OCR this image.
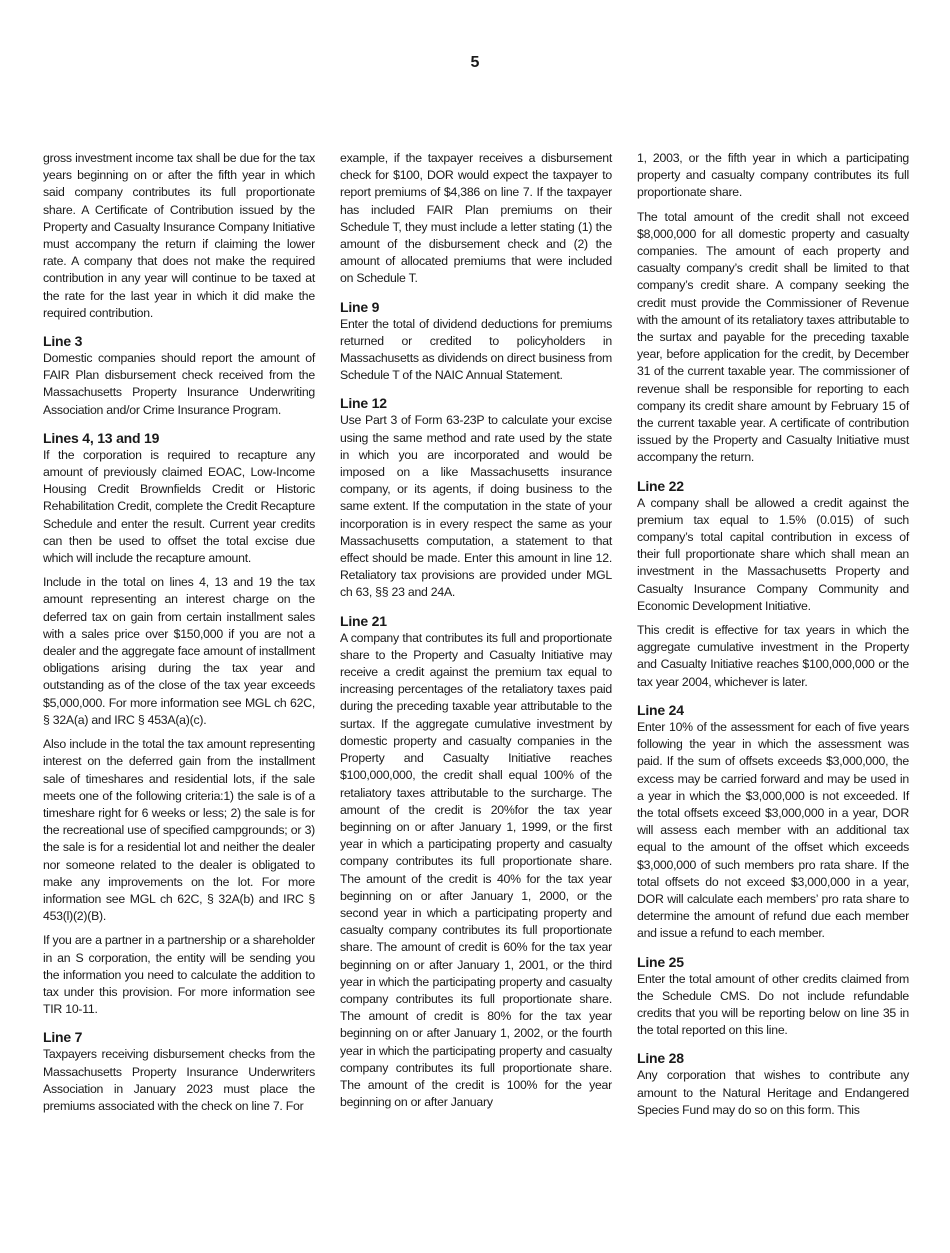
5

gross investment income tax shall be due for the tax years beginning on or after the fifth year in which said company contributes its full proportionate share. A Certificate of Contribution issued by the Property and Casualty Insurance Company Initiative must accompany the return if claiming the lower rate. A company that does not make the required contribution in any year will continue to be taxed at the rate for the last year in which it did make the required contribution.

Line 3

Domestic companies should report the amount of FAIR Plan disbursement check received from the Massachusetts Property Insurance Underwriting Association and/or Crime Insurance Program.

Lines 4, 13 and 19

If the corporation is required to recapture any amount of previously claimed EOAC, Low-Income Housing Credit Brownfields Credit or Historic Rehabilitation Credit, complete the Credit Recapture Schedule and enter the result. Current year credits can then be used to offset the total excise due which will include the recapture amount.

Include in the total on lines 4, 13 and 19 the tax amount representing an interest charge on the deferred tax on gain from certain installment sales with a sales price over $150,000 if you are not a dealer and the aggregate face amount of installment obligations arising during the tax year and outstanding as of the close of the tax year exceeds $5,000,000. For more information see MGL ch 62C, § 32A(a) and IRC § 453A(a)(c).

Also include in the total the tax amount representing interest on the deferred gain from the installment sale of timeshares and residential lots, if the sale meets one of the following criteria:1) the sale is of a timeshare right for 6 weeks or less; 2) the sale is for the recreational use of specified campgrounds; or 3) the sale is for a residential lot and neither the dealer nor someone related to the dealer is obligated to make any improvements on the lot. For more information see MGL ch 62C, § 32A(b) and IRC § 453(l)(2)(B).

If you are a partner in a partnership or a shareholder in an S corporation, the entity will be sending you the information you need to calculate the addition to tax under this provision. For more information see TIR 10-11.

Line 7

Taxpayers receiving disbursement checks from the Massachusetts Property Insurance Underwriters Association in January 2023 must place the premiums associated with the check on line 7. For

example, if the taxpayer receives a disbursement check for $100, DOR would expect the taxpayer to report premiums of $4,386 on line 7. If the taxpayer has included FAIR Plan premiums on their Schedule T, they must include a letter stating (1) the amount of the disbursement check and (2) the amount of allocated premiums that were included on Schedule T.

Line 9

Enter the total of dividend deductions for premiums returned or credited to policyholders in Massachusetts as dividends on direct business from Schedule T of the NAIC Annual Statement.

Line 12

Use Part 3 of Form 63-23P to calculate your excise using the same method and rate used by the state in which you are incorporated and would be imposed on a like Massachusetts insurance company, or its agents, if doing business to the same extent. If the computation in the state of your incorporation is in every respect the same as your Massachusetts computation, a statement to that effect should be made. Enter this amount in line 12. Retaliatory tax provisions are provided under MGL ch 63, §§ 23 and 24A.

Line 21

A company that contributes its full and proportionate share to the Property and Casualty Initiative may receive a credit against the premium tax equal to increasing percentages of the retaliatory taxes paid during the preceding taxable year attributable to the surtax. If the aggregate cumulative investment by domestic property and casualty companies in the Property and Casualty Initiative reaches $100,000,000, the credit shall equal 100% of the retaliatory taxes attributable to the surcharge. The amount of the credit is 20%for the tax year beginning on or after January 1, 1999, or the first year in which a participating property and casualty company contributes its full proportionate share. The amount of the credit is 40% for the tax year beginning on or after January 1, 2000, or the second year in which a participating property and casualty company contributes its full proportionate share. The amount of credit is 60% for the tax year beginning on or after January 1, 2001, or the third year in which the participating property and casualty company contributes its full proportionate share. The amount of credit is 80% for the tax year beginning on or after January 1, 2002, or the fourth year in which the participating property and casualty company contributes its full proportionate share. The amount of the credit is 100% for the year beginning on or after January

1, 2003, or the fifth year in which a participating property and casualty company contributes its full proportionate share.

The total amount of the credit shall not exceed $8,000,000 for all domestic property and casualty companies. The amount of each property and casualty company’s credit shall be limited to that company’s credit share. A company seeking the credit must provide the Commissioner of Revenue with the amount of its retaliatory taxes attributable to the surtax and payable for the preceding taxable year, before application for the credit, by December 31 of the current taxable year. The commissioner of revenue shall be responsible for reporting to each company its credit share amount by February 15 of the current taxable year. A certificate of contribution issued by the Property and Casualty Initiative must accompany the return.

Line 22

A company shall be allowed a credit against the premium tax equal to 1.5% (0.015) of such company’s total capital contribution in excess of their full proportionate share which shall mean an investment in the Massachusetts Property and Casualty Insurance Company Community and Economic Development Initiative.

This credit is effective for tax years in which the aggregate cumulative investment in the Property and Casualty Initiative reaches $100,000,000 or the tax year 2004, whichever is later.

Line 24

Enter 10% of the assessment for each of five years following the year in which the assessment was paid. If the sum of offsets exceeds $3,000,000, the excess may be carried forward and may be used in a year in which the $3,000,000 is not exceeded. If the total offsets exceed $3,000,000 in a year, DOR will assess each member with an additional tax equal to the amount of the offset which exceeds $3,000,000 of such members pro rata share. If the total offsets do not exceed $3,000,000 in a year, DOR will calculate each members’ pro rata share to determine the amount of refund due each member and issue a refund to each member.

Line 25

Enter the total amount of other credits claimed from the Schedule CMS. Do not include refundable credits that you will be reporting below on line 35 in the total reported on this line.

Line 28

Any corporation that wishes to contribute any amount to the Natural Heritage and Endangered Species Fund may do so on this form. This
